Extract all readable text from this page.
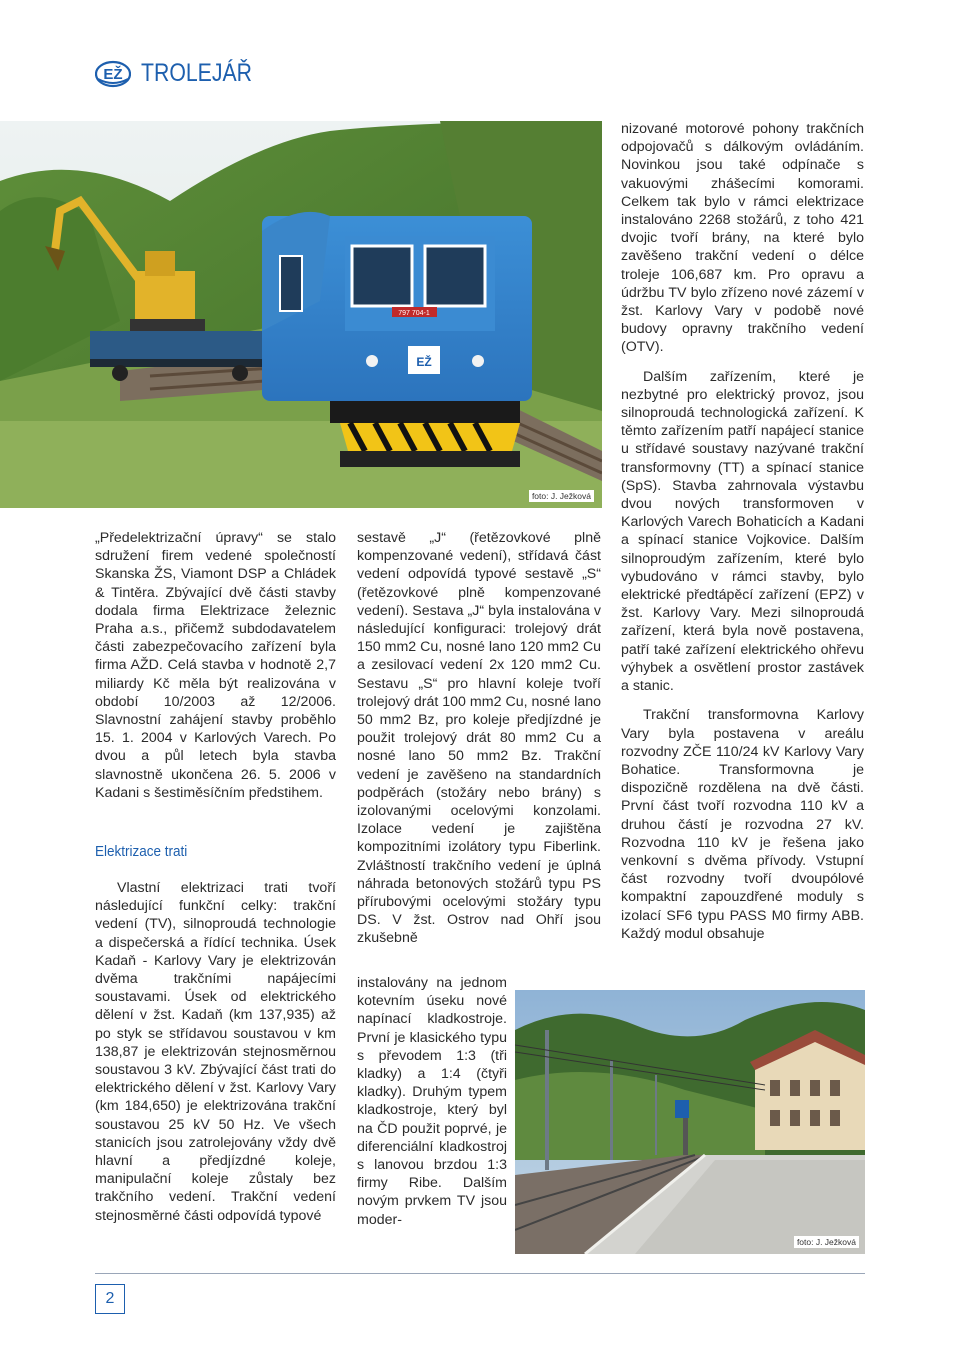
EŽ TROLEJÁŘ
797 704-1
EŽ
foto: J. Ježková

„Předelektrizační úpravy“ se stalo sdružení firem vedené společností Skanska ŽS, Viamont DSP a Chládek & Tintěra. Zbývající dvě části stavby dodala firma Elektrizace železnic Praha a.s., přičemž subdodavatelem části zabezpečovacího zařízení byla firma AŽD. Celá stavba v hodnotě 2,7 miliardy Kč měla být realizována v období 10/2003 až 12/2006. Slavnostní zahájení stavby proběhlo 15. 1. 2004 v Karlových Varech. Po dvou a půl letech byla stavba slavnostně ukončena 26. 5. 2006 v Kadani s šestiměsíčním předstihem.

Elektrizace trati

Vlastní elektrizaci trati tvoří následující funkční celky: trakční vedení (TV), silnoproudá technologie a dispečerská a řídící technika. Úsek Kadaň - Karlovy Vary je elektrizován dvěma trakčními napájecími soustavami. Úsek od elektrického dělení v žst. Kadaň (km 137,935) až po styk se střídavou soustavou v km 138,87 je elektrizován stejnosměrnou soustavou 3 kV. Zbývající část trati do elektrického dělení v žst. Karlovy Vary (km 184,650) je elektrizována trakční soustavou 25 kV 50 Hz. Ve všech stanicích jsou zatrolejovány vždy dvě hlavní a předjízdné koleje, manipulační koleje zůstaly bez trakčního vedení. Trakční vedení stejnosměrné části odpovídá typové

sestavě „J“ (řetězovkové plně kompenzované vedení), střídavá část vedení odpovídá typové sestavě „S“ (řetězovkové plně kompenzované vedení). Sestava „J“ byla instalována v následující konfiguraci: trolejový drát 150 mm2 Cu, nosné lano 120 mm2 Cu a zesilovací vedení 2x 120 mm2 Cu. Sestavu „S“ pro hlavní koleje tvoří trolejový drát 100 mm2 Cu, nosné lano 50 mm2 Bz, pro koleje předjízdné je použit trolejový drát 80 mm2 Cu a nosné lano 50 mm2 Bz. Trakční vedení je zavěšeno na standardních podpěrách (stožáry nebo brány) s izolovanými ocelovými konzolami. Izolace vedení je zajištěna kompozitními izolátory typu Fiberlink. Zvláštností trakčního vedení je úplná náhrada betonových stožárů typu PS přírubovými ocelovými stožáry typu DS. V žst. Ostrov nad Ohří jsou zkušebně

instalovány na jednom kotevním úseku nové napínací kladkostroje. První je klasického typu s převodem 1:3 (tři kladky) a 1:4 (čtyři kladky). Druhým typem kladkostroje, který byl na ČD použit poprvé, je diferenciální kladkostroj s lanovou brzdou 1:3 firmy Ribe. Dalším novým prvkem TV jsou moder-

nizované motorové pohony trakčních odpojovačů s dálkovým ovládáním. Novinkou jsou také odpínače s vakuovými zhášecími komorami. Celkem tak bylo v rámci elektrizace instalováno 2268 stožárů, z toho 421 dvojic tvoří brány, na které bylo zavěšeno trakční vedení o délce troleje 106,687 km. Pro opravu a údržbu TV bylo zřízeno nové zázemí v žst. Karlovy Vary v podobě nové budovy opravny trakčního vedení (OTV).

Dalším zařízením, které je nezbytné pro elektrický provoz, jsou silnoproudá technologická zařízení. K těmto zařízením patří napájecí stanice u střídavé soustavy nazývané trakční transformovny (TT) a spínací stanice (SpS). Stavba zahrnovala výstavbu dvou nových transformoven v Karlových Varech Bohaticích a Kadani a spínací stanice Vojkovice. Dalším silnoproudým zařízením, které bylo vybudováno v rámci stavby, bylo elektrické předtápěcí zařízení (EPZ) v žst. Karlovy Vary. Mezi silnoproudá zařízení, která byla nově postavena, patří také zařízení elektrického ohřevu výhybek a osvětlení prostor zastávek a stanic.

Trakční transformovna Karlovy Vary byla postavena v areálu rozvodny ZČE 110/24 kV Karlovy Vary Bohatice. Transformovna je dispozičně rozdělena na dvě části. První část tvoří rozvodna 110 kV a druhou částí je rozvodna 27 kV. Rozvodna 110 kV je řešena jako venkovní s dvěma přívody. Vstupní část rozvodny tvoří dvoupólové kompaktní zapouzdřené moduly s izolací SF6 typu PASS M0 firmy ABB. Každý modul obsahuje

foto: J. Ježková
2
